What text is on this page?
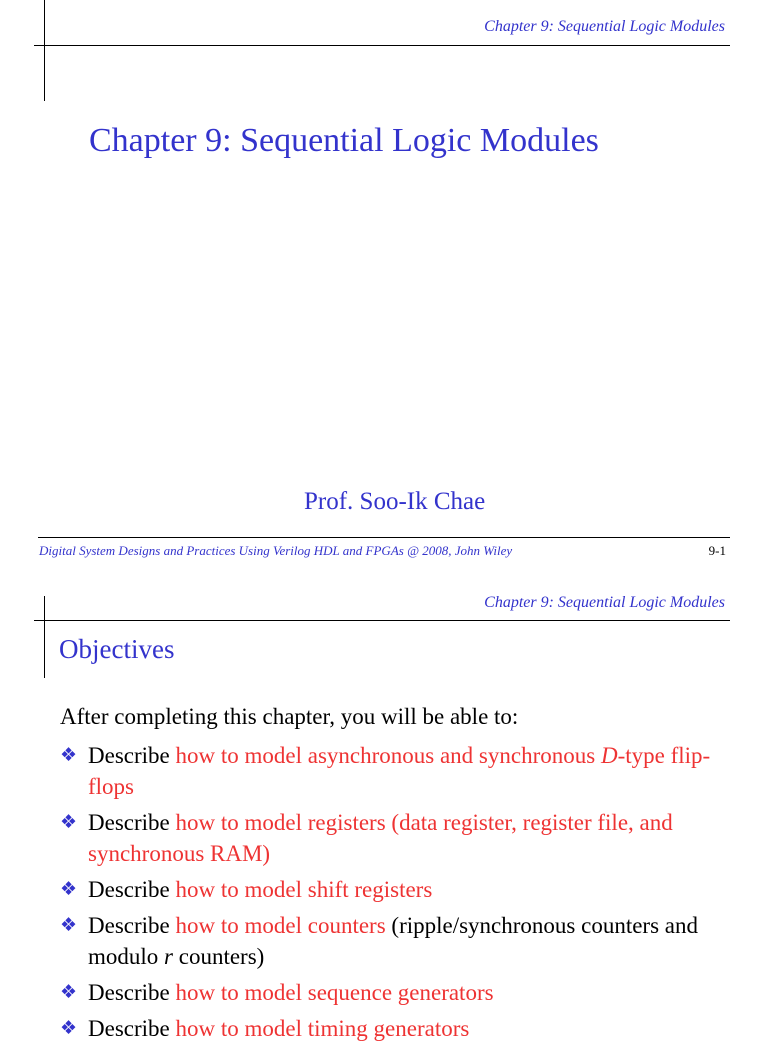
Chapter 9: Sequential Logic Modules
Chapter 9: Sequential Logic Modules
Prof. Soo-Ik Chae
Digital System Designs and Practices Using Verilog HDL and FPGAs @ 2008, John Wiley	9-1
Chapter 9: Sequential Logic Modules
Objectives
After completing this chapter, you will be able to:
❖ Describe how to model asynchronous and synchronous D-type flip-flops
❖ Describe how to model registers (data register, register file, and synchronous RAM)
❖ Describe how to model shift registers
❖ Describe how to model counters (ripple/synchronous counters and modulo r counters)
❖ Describe how to model sequence generators
❖ Describe how to model timing generators
